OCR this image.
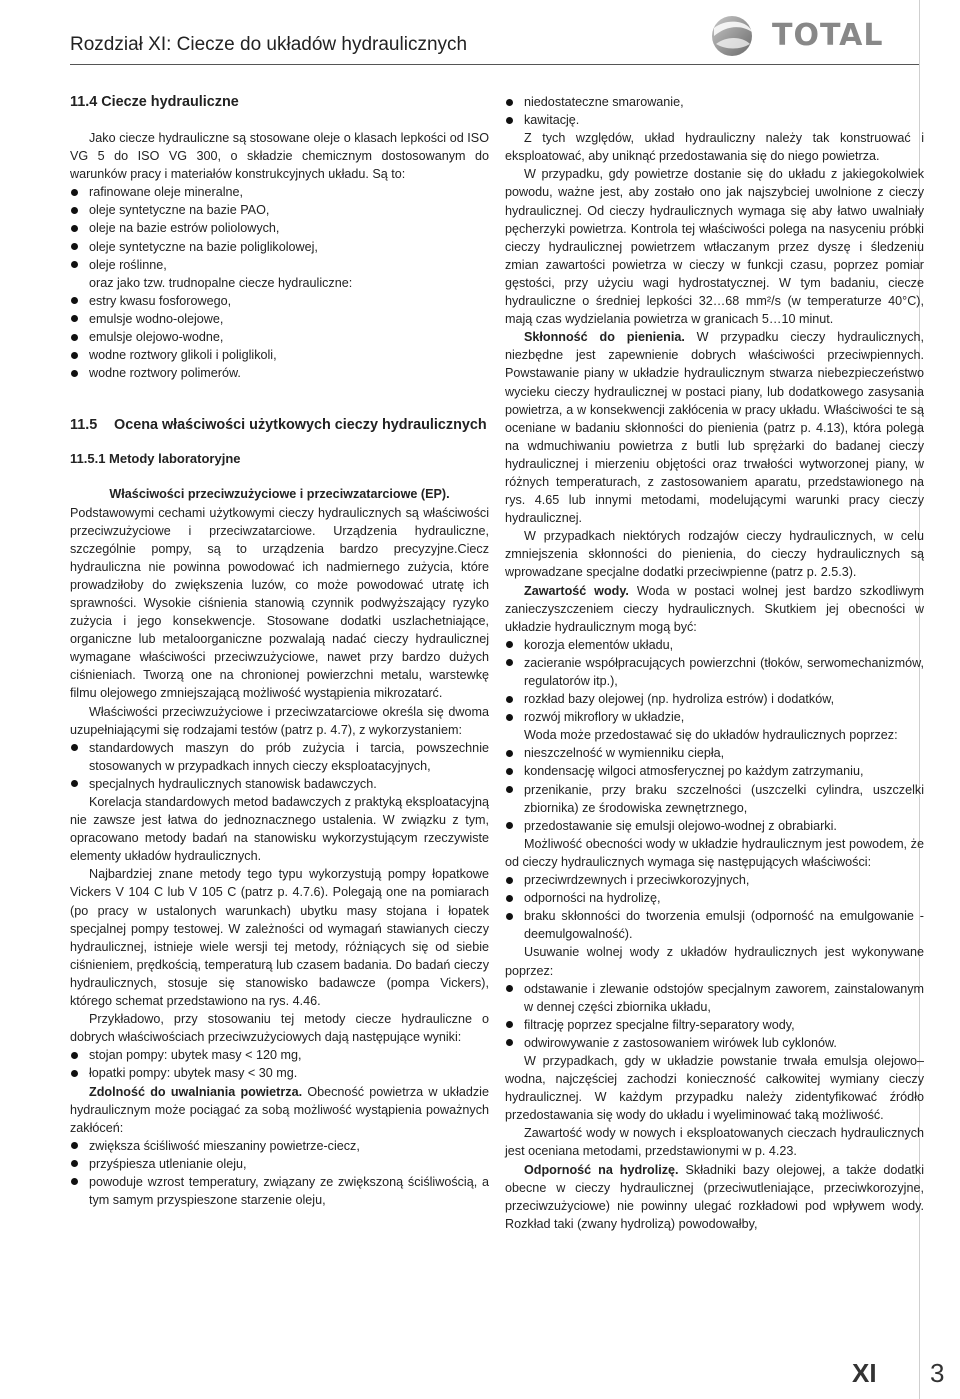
Rozdział XI: Ciecze do układów hydraulicznych	TOTAL

11.4 Ciecze hydrauliczne

Jako ciecze hydrauliczne są stosowane oleje o klasach lepkości od ISO VG 5 do ISO VG 300, o składzie chemicznym dostosowanym do warunków pracy i materiałów konstrukcyjnych układu. Są to:

rafinowane oleje mineralne,
oleje syntetyczne na bazie PAO,
oleje na bazie estrów poliolowych,
oleje syntetyczne na bazie poliglikolowej,
oleje roślinne,
oraz jako tzw. trudnopalne ciecze hydrauliczne:
estry kwasu fosforowego,
emulsje wodno-olejowe,
emulsje olejowo-wodne,
wodne roztwory glikoli i poliglikoli,
wodne roztwory polimerów.

11.5	Ocena właściwości użytkowych cieczy hydraulicznych

11.5.1 Metody laboratoryjne

Właściwości przeciwzużyciowe i przeciwzatarciowe (EP).

Podstawowymi cechami użytkowymi cieczy hydraulicznych są właściwości przeciwzużyciowe i przeciwzatarciowe. Urządzenia hydrauliczne, szczególnie pompy, są to urządzenia bardzo precyzyjne.Ciecz hydrauliczna nie powinna powodować ich nadmiernego zużycia, które prowadziłoby do zwiększenia luzów, co może powodować utratę ich sprawności. Wysokie ciśnienia stanowią czynnik podwyższający ryzyko zużycia i jego konsekwencje. Stosowane dodatki uszlachetniające, organiczne lub metaloorganiczne pozwalają nadać cieczy hydraulicznej wymagane właściwości przeciwzużyciowe, nawet przy bardzo dużych ciśnieniach. Tworzą one na chronionej powierzchni metalu, warstewkę filmu olejowego zmniejszającą możliwość wystąpienia mikrozatarć.

Właściwości przeciwzużyciowe i przeciwzatarciowe określa się dwoma uzupełniającymi się rodzajami testów (patrz p. 4.7), z wykorzystaniem:

standardowych maszyn do prób zużycia i tarcia, powszechnie stosowanych w przypadkach innych cieczy eksploatacyjnych,
specjalnych hydraulicznych stanowisk badawczych.

Korelacja standardowych metod badawczych z praktyką eksploatacyjną nie zawsze jest łatwa do jednoznacznego ustalenia. W związku z tym, opracowano metody badań na stanowisku wykorzystującym rzeczywiste elementy układów hydraulicznych.

Najbardziej znane metody tego typu wykorzystują pompy łopatkowe Vickers V 104 C lub V 105 C (patrz p. 4.7.6). Polegają one na pomiarach (po pracy w ustalonych warunkach) ubytku masy stojana i łopatek specjalnej pompy testowej. W zależności od wymagań stawianych cieczy hydraulicznej, istnieje wiele wersji tej metody, różniących się od siebie ciśnieniem, prędkością, temperaturą lub czasem badania. Do badań cieczy hydraulicznych, stosuje się stanowisko badawcze (pompa Vickers), którego schemat przedstawiono na rys. 4.46.

Przykładowo, przy stosowaniu tej metody ciecze hydrauliczne o dobrych właściwościach przeciwzużyciowych dają następujące wyniki:

stojan pompy: ubytek masy < 120 mg,
łopatki pompy: ubytek masy < 30 mg.

Zdolność do uwalniania powietrza. Obecność powietrza w układzie hydraulicznym może pociągać za sobą możliwość wystąpienia poważnych zakłóceń:

zwiększa ściśliwość mieszaniny powietrze-ciecz,
przyśpiesza utlenianie oleju,
powoduje wzrost temperatury, związany ze zwiększoną ściśliwością, a tym samym przyspieszone starzenie oleju,
niedostateczne smarowanie,
kawitację.

Z tych względów, układ hydrauliczny należy tak konstruować i eksploatować, aby uniknąć przedostawania się do niego powietrza.

W przypadku, gdy powietrze dostanie się do układu z jakiegokolwiek powodu, ważne jest, aby zostało ono jak najszybciej uwolnione z cieczy hydraulicznej. Od cieczy hydraulicznych wymaga się aby łatwo uwalniały pęcherzyki powietrza. Kontrola tej właściwości polega na nasyceniu próbki cieczy hydraulicznej powietrzem wtłaczanym przez dyszę i śledzeniu zmian zawartości powietrza w cieczy w funkcji czasu, poprzez pomiar gęstości, przy użyciu wagi hydrostatycznej. W tym badaniu, ciecze hydrauliczne o średniej lepkości 32…68 mm²/s (w temperaturze 40°C), mają czas wydzielania powietrza w granicach 5…10 minut.

Skłonność do pienienia. W przypadku cieczy hydraulicznych, niezbędne jest zapewnienie dobrych właściwości przeciwpiennych. Powstawanie piany w układzie hydraulicznym stwarza niebezpieczeństwo wycieku cieczy hydraulicznej w postaci piany, lub dodatkowego zasysania powietrza, a w konsekwencji zakłócenia w pracy układu. Właściwości te są oceniane w badaniu skłonności do pienienia (patrz p. 4.13), która polega na wdmuchiwaniu powietrza z butli lub sprężarki do badanej cieczy hydraulicznej i mierzeniu objętości oraz trwałości wytworzonej piany, w różnych temperaturach, z zastosowaniem aparatu, przedstawionego na rys. 4.65 lub innymi metodami, modelującymi warunki pracy cieczy hydraulicznej.

W przypadkach niektórych rodzajów cieczy hydraulicznych, w celu zmniejszenia skłonności do pienienia, do cieczy hydraulicznych są wprowadzane specjalne dodatki przeciwpienne (patrz p. 2.5.3).

Zawartość wody. Woda w postaci wolnej jest bardzo szkodliwym zanieczyszczeniem cieczy hydraulicznych. Skutkiem jej obecności w układzie hydraulicznym mogą być:

korozja elementów układu,
zacieranie współpracujących powierzchni (tłoków, serwomechanizmów, regulatorów itp.),
rozkład bazy olejowej (np. hydroliza estrów) i dodatków,
rozwój mikroflory w układzie,

Woda może przedostawać się do układów hydraulicznych poprzez:

nieszczelność w wymienniku ciepła,
kondensację wilgoci atmosferycznej po każdym zatrzymaniu,
przenikanie, przy braku szczelności (uszczelki cylindra, uszczelki zbiornika) ze środowiska zewnętrznego,
przedostawanie się emulsji olejowo-wodnej z obrabiarki.

Możliwość obecności wody w układzie hydraulicznym jest powodem, że od cieczy hydraulicznych wymaga się następujących właściwości:

przeciwrdzewnych i przeciwkorozyjnych,
odporności na hydrolizę,
braku skłonności do tworzenia emulsji (odporność na emulgowanie - deemulgowalność).

Usuwanie wolnej wody z układów hydraulicznych jest wykonywane poprzez:

odstawanie i zlewanie odstojów specjalnym zaworem, zainstalowanym w dennej części zbiornika układu,
filtrację poprzez specjalne filtry-separatory wody,
odwirowywanie z zastosowaniem wirówek lub cyklonów.

W przypadkach, gdy w układzie powstanie trwała emulsja olejowo–wodna, najczęściej zachodzi konieczność całkowitej wymiany cieczy hydraulicznej. W każdym przypadku należy zidentyfikować źródło przedostawania się wody do układu i wyeliminować taką możliwość.

Zawartość wody w nowych i eksploatowanych cieczach hydraulicznych jest oceniana metodami, przedstawionymi w p. 4.23.

Odporność na hydrolizę. Składniki bazy olejowej, a także dodatki obecne w cieczy hydraulicznej (przeciwutleniające, przeciwkorozyjne, przeciwzużyciowe) nie powinny ulegać rozkładowi pod wpływem wody. Rozkład taki (zwany hydrolizą) powodowałby,

XI 3
